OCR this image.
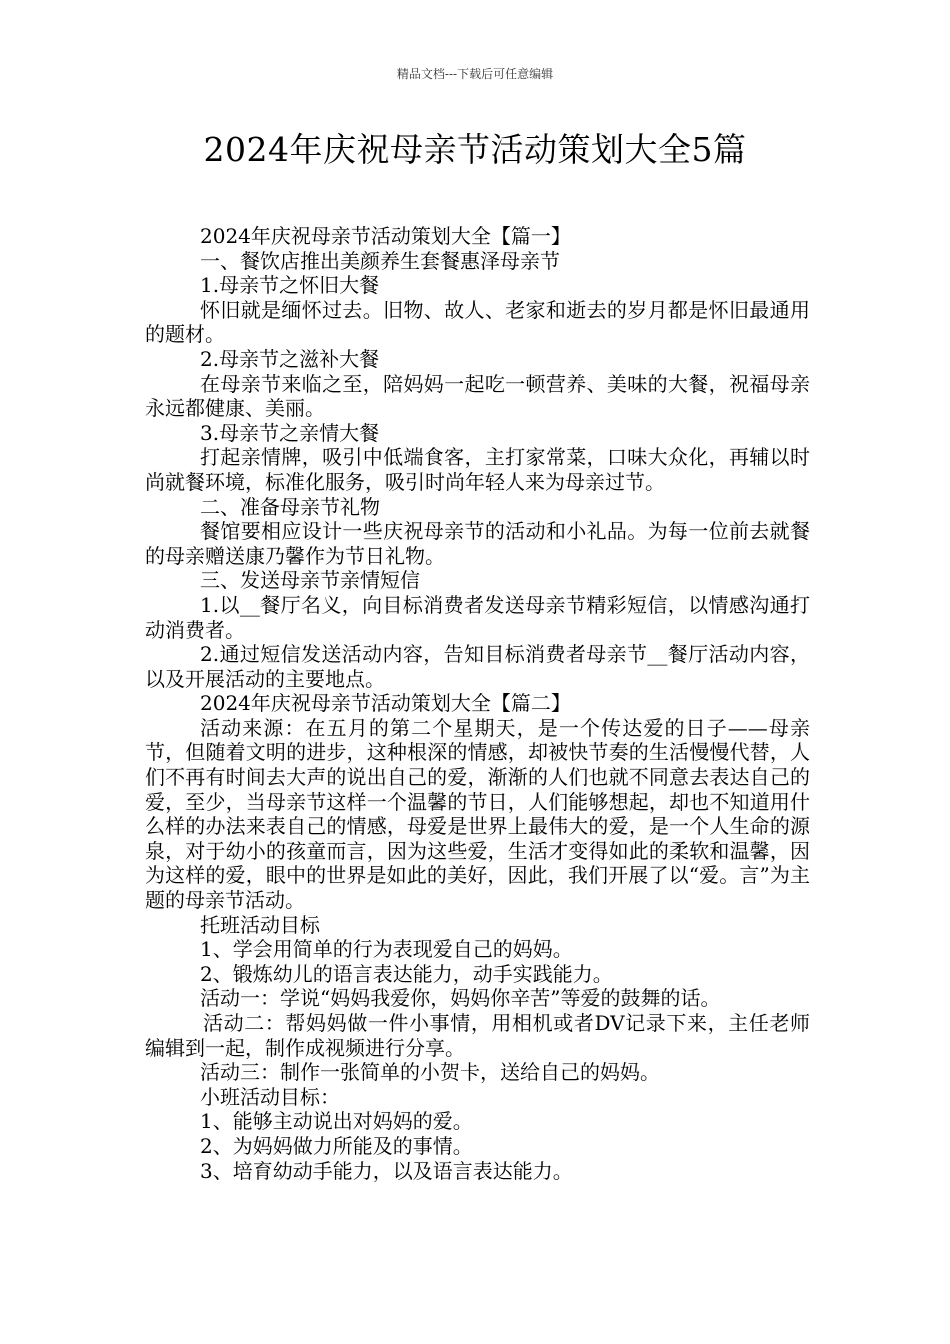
精品文档---下载后可任意编辑
2024年庆祝母亲节活动策划大全5篇

2024年庆祝母亲节活动策划大全【篇一】

一、餐饮店推出美颜养生套餐惠泽母亲节

1.母亲节之怀旧大餐

怀旧就是缅怀过去。旧物、故人、老家和逝去的岁月都是怀旧最通用的题材。

2.母亲节之滋补大餐

在母亲节来临之至，陪妈妈一起吃一顿营养、美味的大餐，祝福母亲永远都健康、美丽。

3.母亲节之亲情大餐

打起亲情牌，吸引中低端食客，主打家常菜，口味大众化，再辅以时尚就餐环境，标准化服务，吸引时尚年轻人来为母亲过节。

二、准备母亲节礼物

餐馆要相应设计一些庆祝母亲节的活动和小礼品。为每一位前去就餐的母亲赠送康乃馨作为节日礼物。

三、发送母亲节亲情短信

1.以__餐厅名义，向目标消费者发送母亲节精彩短信，以情感沟通打动消费者。

2.通过短信发送活动内容，告知目标消费者母亲节__餐厅活动内容，以及开展活动的主要地点。

2024年庆祝母亲节活动策划大全【篇二】

活动来源：在五月的第二个星期天，是一个传达爱的日子——母亲节，但随着文明的进步，这种根深的情感，却被快节奏的生活慢慢代替，人们不再有时间去大声的说出自己的爱，渐渐的人们也就不同意去表达自己的爱，至少，当母亲节这样一个温馨的节日，人们能够想起，却也不知道用什么样的办法来表自己的情感，母爱是世界上最伟大的爱，是一个人生命的源泉，对于幼小的孩童而言，因为这些爱，生活才变得如此的柔软和温馨，因为这样的爱，眼中的世界是如此的美好，因此，我们开展了以“爱。言”为主题的母亲节活动。

托班活动目标

1、学会用简单的行为表现爱自己的妈妈。

2、锻炼幼儿的语言表达能力，动手实践能力。

活动一：学说“妈妈我爱你，妈妈你辛苦”等爱的鼓舞的话。

活动二：帮妈妈做一件小事情，用相机或者DV记录下来，主任老师编辑到一起，制作成视频进行分享。

活动三：制作一张简单的小贺卡，送给自己的妈妈。

小班活动目标：

1、能够主动说出对妈妈的爱。

2、为妈妈做力所能及的事情。

3、培育幼动手能力，以及语言表达能力。
